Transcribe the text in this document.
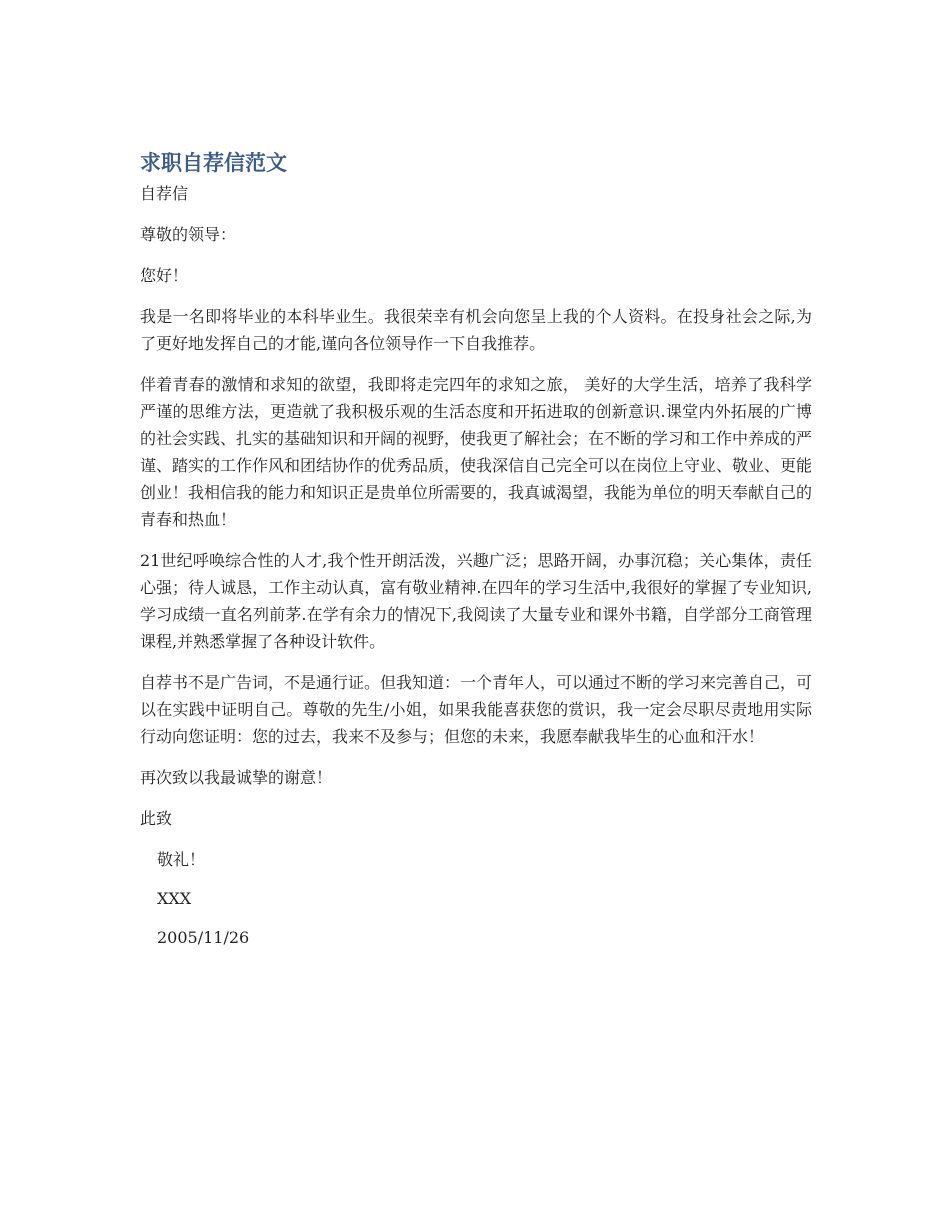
求职自荐信范文
自荐信

尊敬的领导：

您好！

我是一名即将毕业的本科毕业生。我很荣幸有机会向您呈上我的个人资料。在投身社会之际,为了更好地发挥自己的才能,谨向各位领导作一下自我推荐。

伴着青春的激情和求知的欲望，我即将走完四年的求知之旅， 美好的大学生活，培养了我科学严谨的思维方法，更造就了我积极乐观的生活态度和开拓进取的创新意识.课堂内外拓展的广博的社会实践、扎实的基础知识和开阔的视野，使我更了解社会；在不断的学习和工作中养成的严谨、踏实的工作作风和团结协作的优秀品质，使我深信自己完全可以在岗位上守业、敬业、更能创业！我相信我的能力和知识正是贵单位所需要的，我真诚渴望，我能为单位的明天奉献自己的青春和热血！

21世纪呼唤综合性的人才,我个性开朗活泼，兴趣广泛；思路开阔，办事沉稳；关心集体，责任心强；待人诚恳，工作主动认真，富有敬业精神.在四年的学习生活中,我很好的掌握了专业知识,学习成绩一直名列前茅.在学有余力的情况下,我阅读了大量专业和课外书籍，自学部分工商管理课程,并熟悉掌握了各种设计软件。

自荐书不是广告词，不是通行证。但我知道：一个青年人，可以通过不断的学习来完善自己，可以在实践中证明自己。尊敬的先生/小姐，如果我能喜获您的赏识，我一定会尽职尽责地用实际行动向您证明：您的过去，我来不及参与；但您的未来，我愿奉献我毕生的心血和汗水！

再次致以我最诚挚的谢意！

此致

敬礼！

XXX

2005/11/26
